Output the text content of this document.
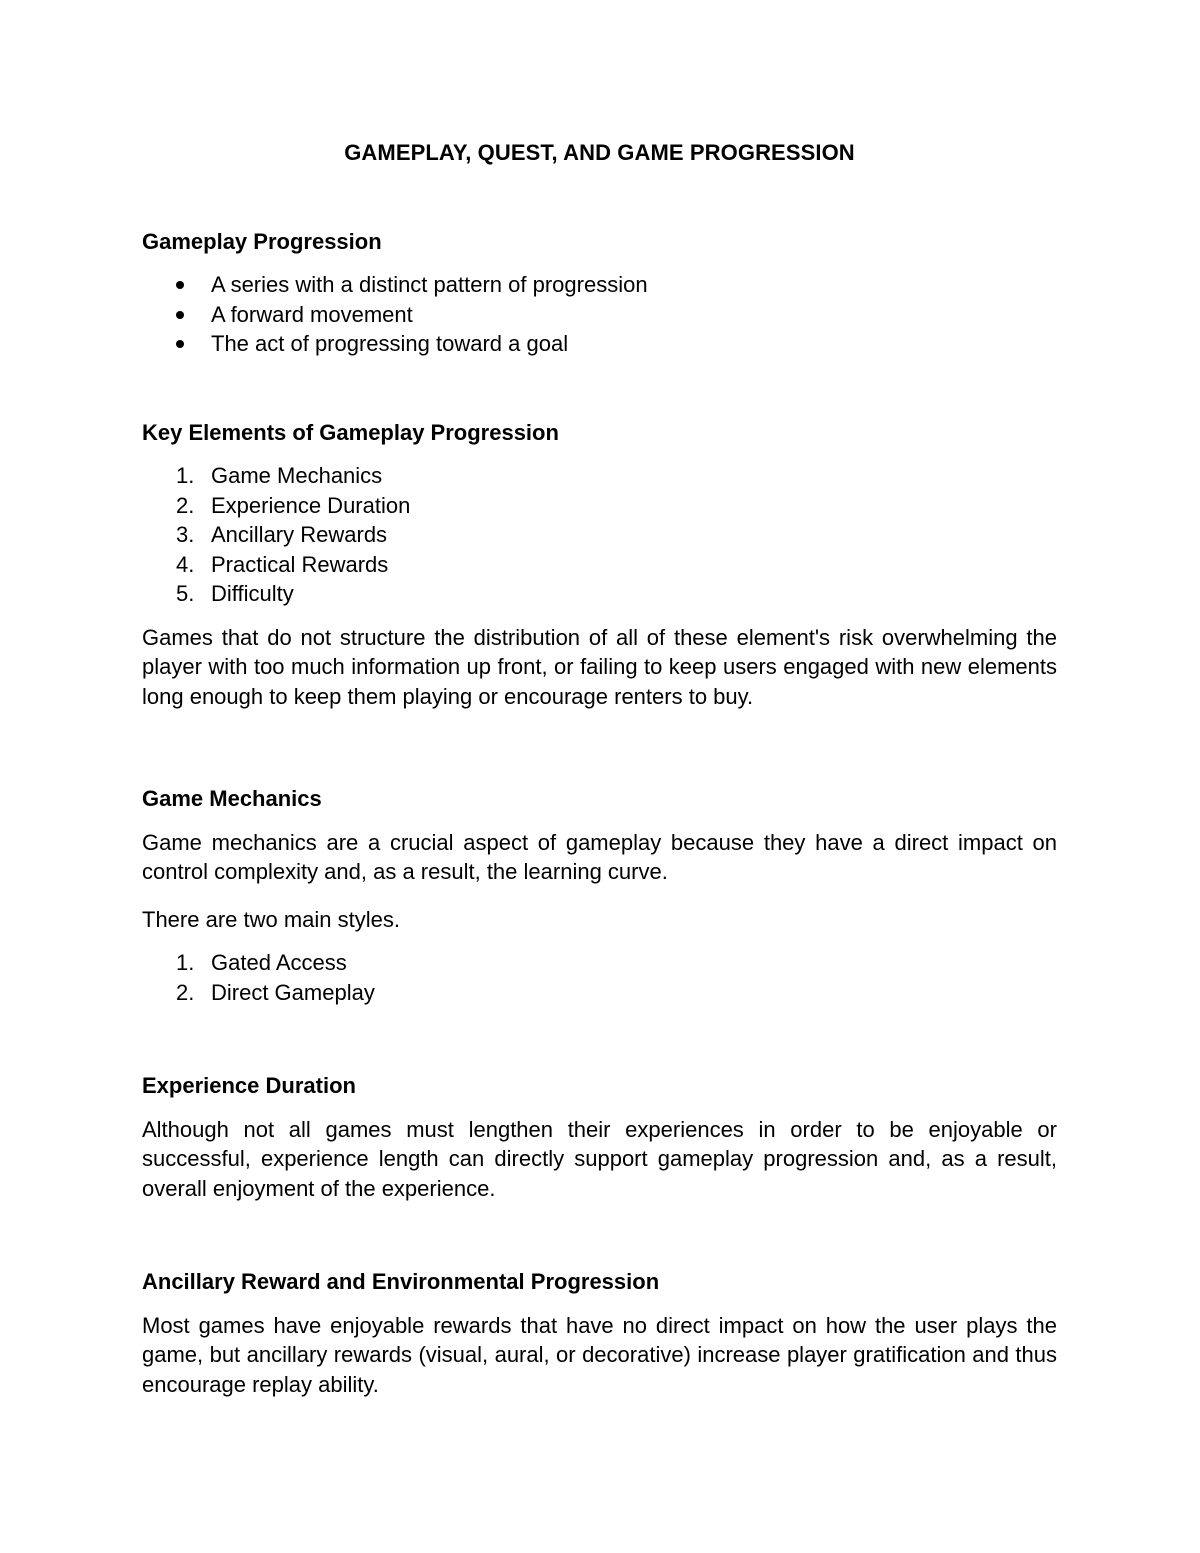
GAMEPLAY, QUEST, AND GAME PROGRESSION
Gameplay Progression
A series with a distinct pattern of progression
A forward movement
The act of progressing toward a goal
Key Elements of Gameplay Progression
1. Game Mechanics
2. Experience Duration
3. Ancillary Rewards
4. Practical Rewards
5. Difficulty

Games that do not structure the distribution of all of these element's risk overwhelming the player with too much information up front, or failing to keep users engaged with new elements long enough to keep them playing or encourage renters to buy.

Game Mechanics

Game mechanics are a crucial aspect of gameplay because they have a direct impact on control complexity and, as a result, the learning curve.

There are two main styles.

1. Gated Access
2. Direct Gameplay
Experience Duration

Although not all games must lengthen their experiences in order to be enjoyable or successful, experience length can directly support gameplay progression and, as a result, overall enjoyment of the experience.

Ancillary Reward and Environmental Progression

Most games have enjoyable rewards that have no direct impact on how the user plays the game, but ancillary rewards (visual, aural, or decorative) increase player gratification and thus encourage replay ability.
